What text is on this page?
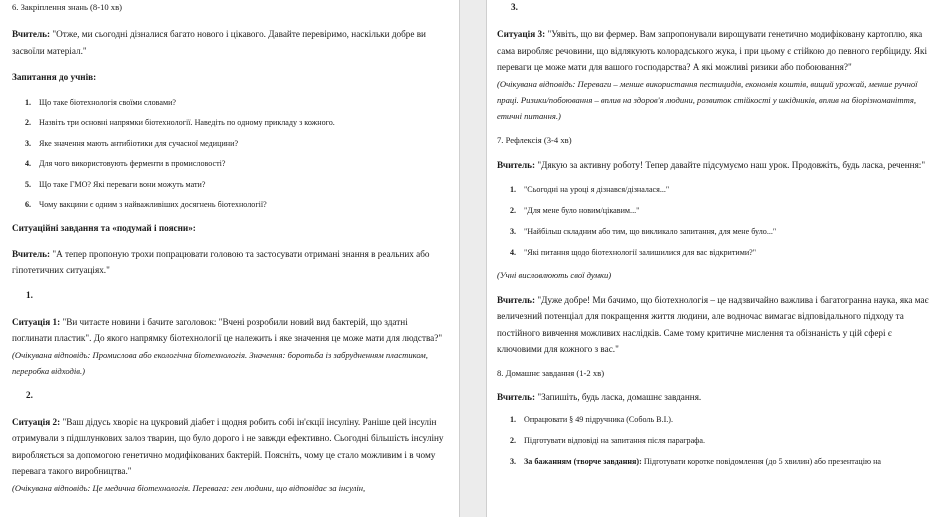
6. Закріплення знань (8-10 хв)

Вчитель: "Отже, ми сьогодні дізналися багато нового і цікавого. Давайте перевіримо, наскільки добре ви засвоїли матеріал."

Запитання до учнів:

1. Що таке біотехнологія своїми словами?
2. Назвіть три основні напрямки біотехнології. Наведіть по одному прикладу з кожного.
3. Яке значення мають антибіотики для сучасної медицини?
4. Для чого використовують ферменти в промисловості?
5. Що таке ГМО? Які переваги вони можуть мати?
6. Чому вакцини є одним з найважливіших досягнень біотехнології?

Ситуаційні завдання та «подумай і поясни»:

Вчитель: "А тепер пропоную трохи попрацювати головою та застосувати отримані знання в реальних або гіпотетичних ситуаціях."

1.

Ситуація 1: "Ви читаєте новини і бачите заголовок: "Вчені розробили новий вид бактерій, що здатні поглинати пластик". До якого напрямку біотехнології це належить і яке значення це може мати для людства?"

(Очікувана відповідь: Промислова або екологічна біотехнологія. Значення: боротьба із забрудненням пластиком, переробка відходів.)

2.

Ситуація 2: "Ваш дідусь хворіє на цукровий діабет і щодня робить собі ін'єкції інсуліну. Раніше цей інсулін отримували з підшлункових залоз тварин, що було дорого і не завжди ефективно. Сьогодні більшість інсуліну виробляється за допомогою генетично модифікованих бактерій. Поясніть, чому це стало можливим і в чому перевага такого виробництва."

(Очікувана відповідь: Це медична біотехнологія. Перевага: ген людини, що відповідає за інсулін,

3.

Ситуація 3: "Уявіть, що ви фермер. Вам запропонували вирощувати генетично модифіковану картоплю, яка сама виробляє речовини, що відлякують колорадського жука, і при цьому є стійкою до певного гербіциду. Які переваги це може мати для вашого господарства? А які можливі ризики або побоювання?"

(Очікувана відповідь: Переваги – менше використання пестицидів, економія коштів, вищий урожай, менше ручної праці. Ризики/побоювання – вплив на здоров'я людини, розвиток стійкості у шкідників, вплив на біорізноманіття, етичні питання.)

7. Рефлексія (3-4 хв)

Вчитель: "Дякую за активну роботу! Тепер давайте підсумуємо наш урок. Продовжіть, будь ласка, речення:"

1. "Сьогодні на уроці я дізнався/дізналася..."
2. "Для мене було новим/цікавим..."
3. "Найбільш складним або тим, що викликало запитання, для мене було..."
4. "Які питання щодо біотехнології залишилися для вас відкритими?"

(Учні висловлюють свої думки)

Вчитель: "Дуже добре! Ми бачимо, що біотехнологія – це надзвичайно важлива і багатогранна наука, яка має величезний потенціал для покращення життя людини, але водночас вимагає відповідального підходу та постійного вивчення можливих наслідків. Саме тому критичне мислення та обізнаність у цій сфері є ключовими для кожного з вас."

8. Домашнє завдання (1-2 хв)

Вчитель: "Запишіть, будь ласка, домашнє завдання.

1. Опрацювати § 49 підручника (Соболь В.І.).
2. Підготувати відповіді на запитання після параграфа.
3. За бажанням (творче завдання): Підготувати коротке повідомлення (до 5 хвилин) або презентацію на
